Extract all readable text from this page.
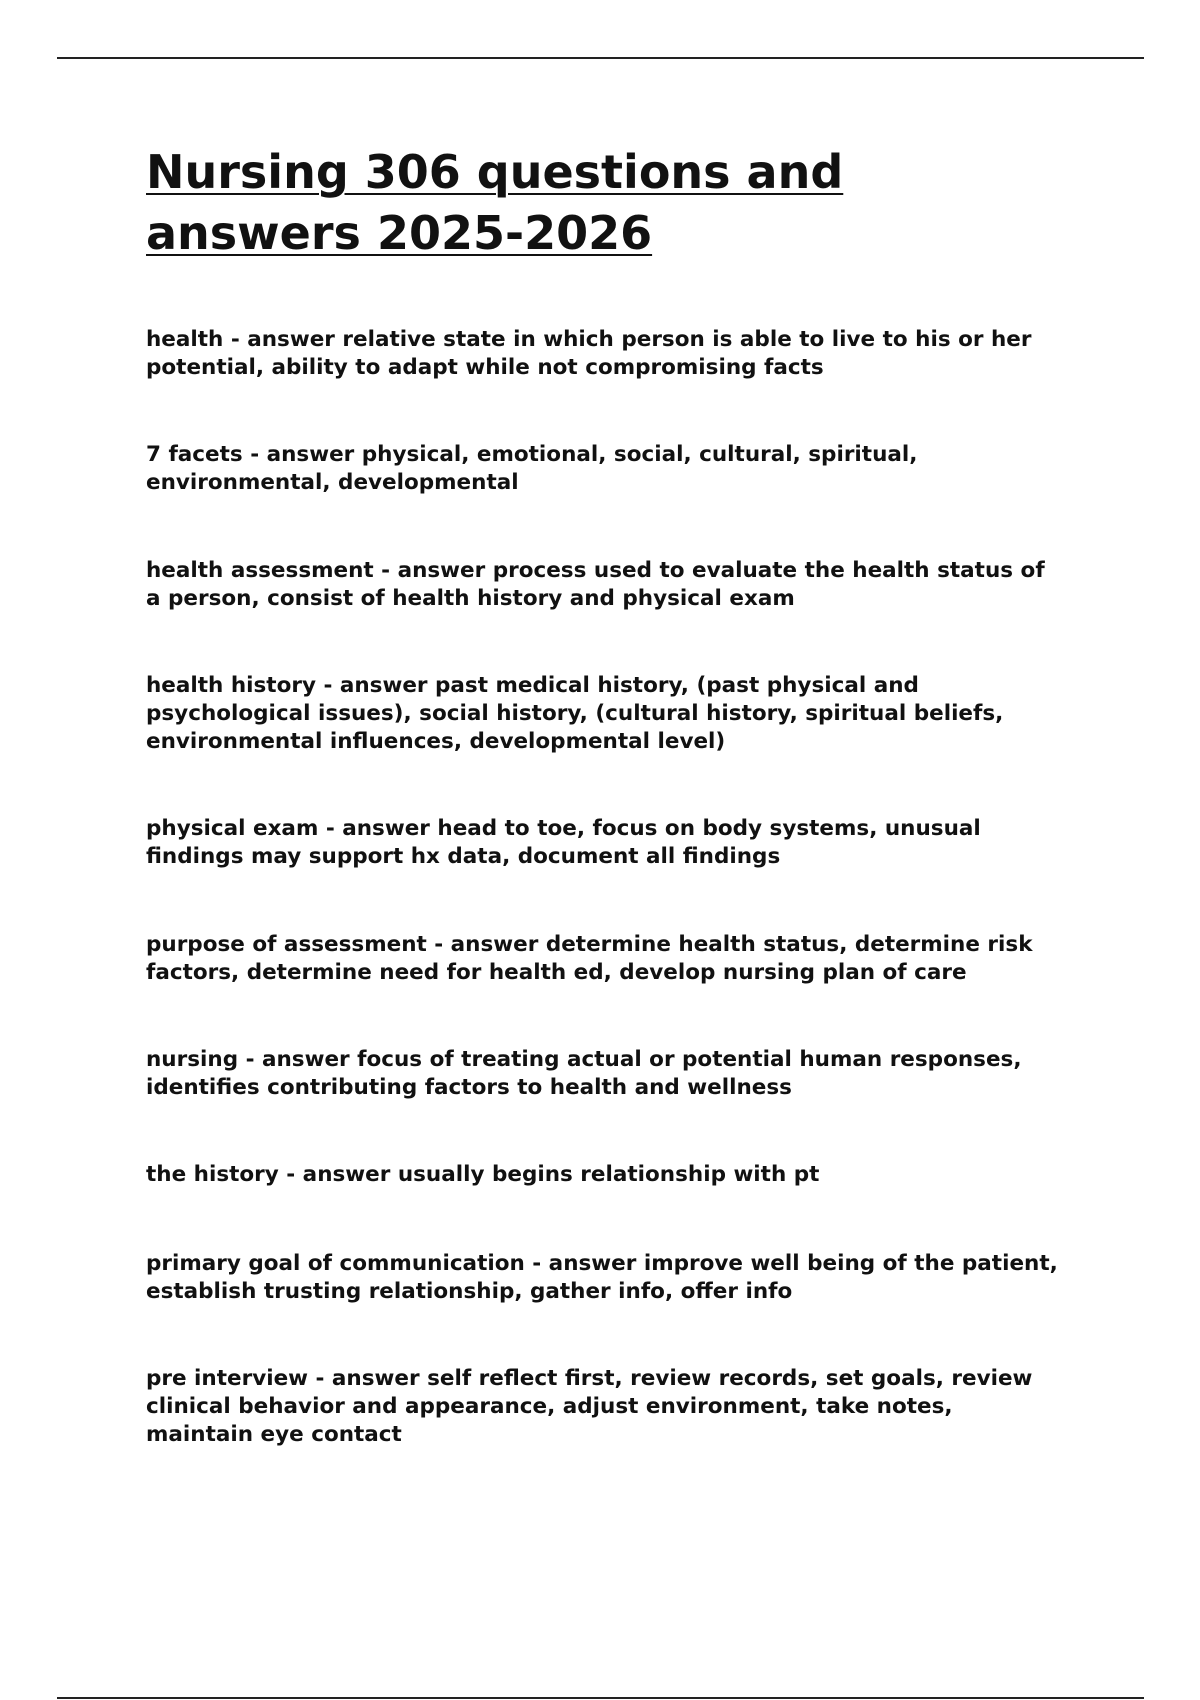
Nursing 306 questions and answers 2025-2026
health - answer relative state in which person is able to live to his or her
potential, ability to adapt while not compromising facts
7 facets - answer physical, emotional, social, cultural, spiritual,
environmental, developmental
health assessment - answer process used to evaluate the health status of
a person, consist of health history and physical exam
health history - answer past medical history, (past physical and
psychological issues), social history, (cultural history, spiritual beliefs,
environmental influences, developmental level)
physical exam - answer head to toe, focus on body systems, unusual
findings may support hx data, document all findings
purpose of assessment - answer determine health status, determine risk
factors, determine need for health ed, develop nursing plan of care
nursing - answer focus of treating actual or potential human responses,
identifies contributing factors to health and wellness
the history - answer usually begins relationship with pt
primary goal of communication - answer improve well being of the patient,
establish trusting relationship, gather info, offer info
pre interview - answer self reflect first, review records, set goals, review
clinical behavior and appearance, adjust environment, take notes,
maintain eye contact
